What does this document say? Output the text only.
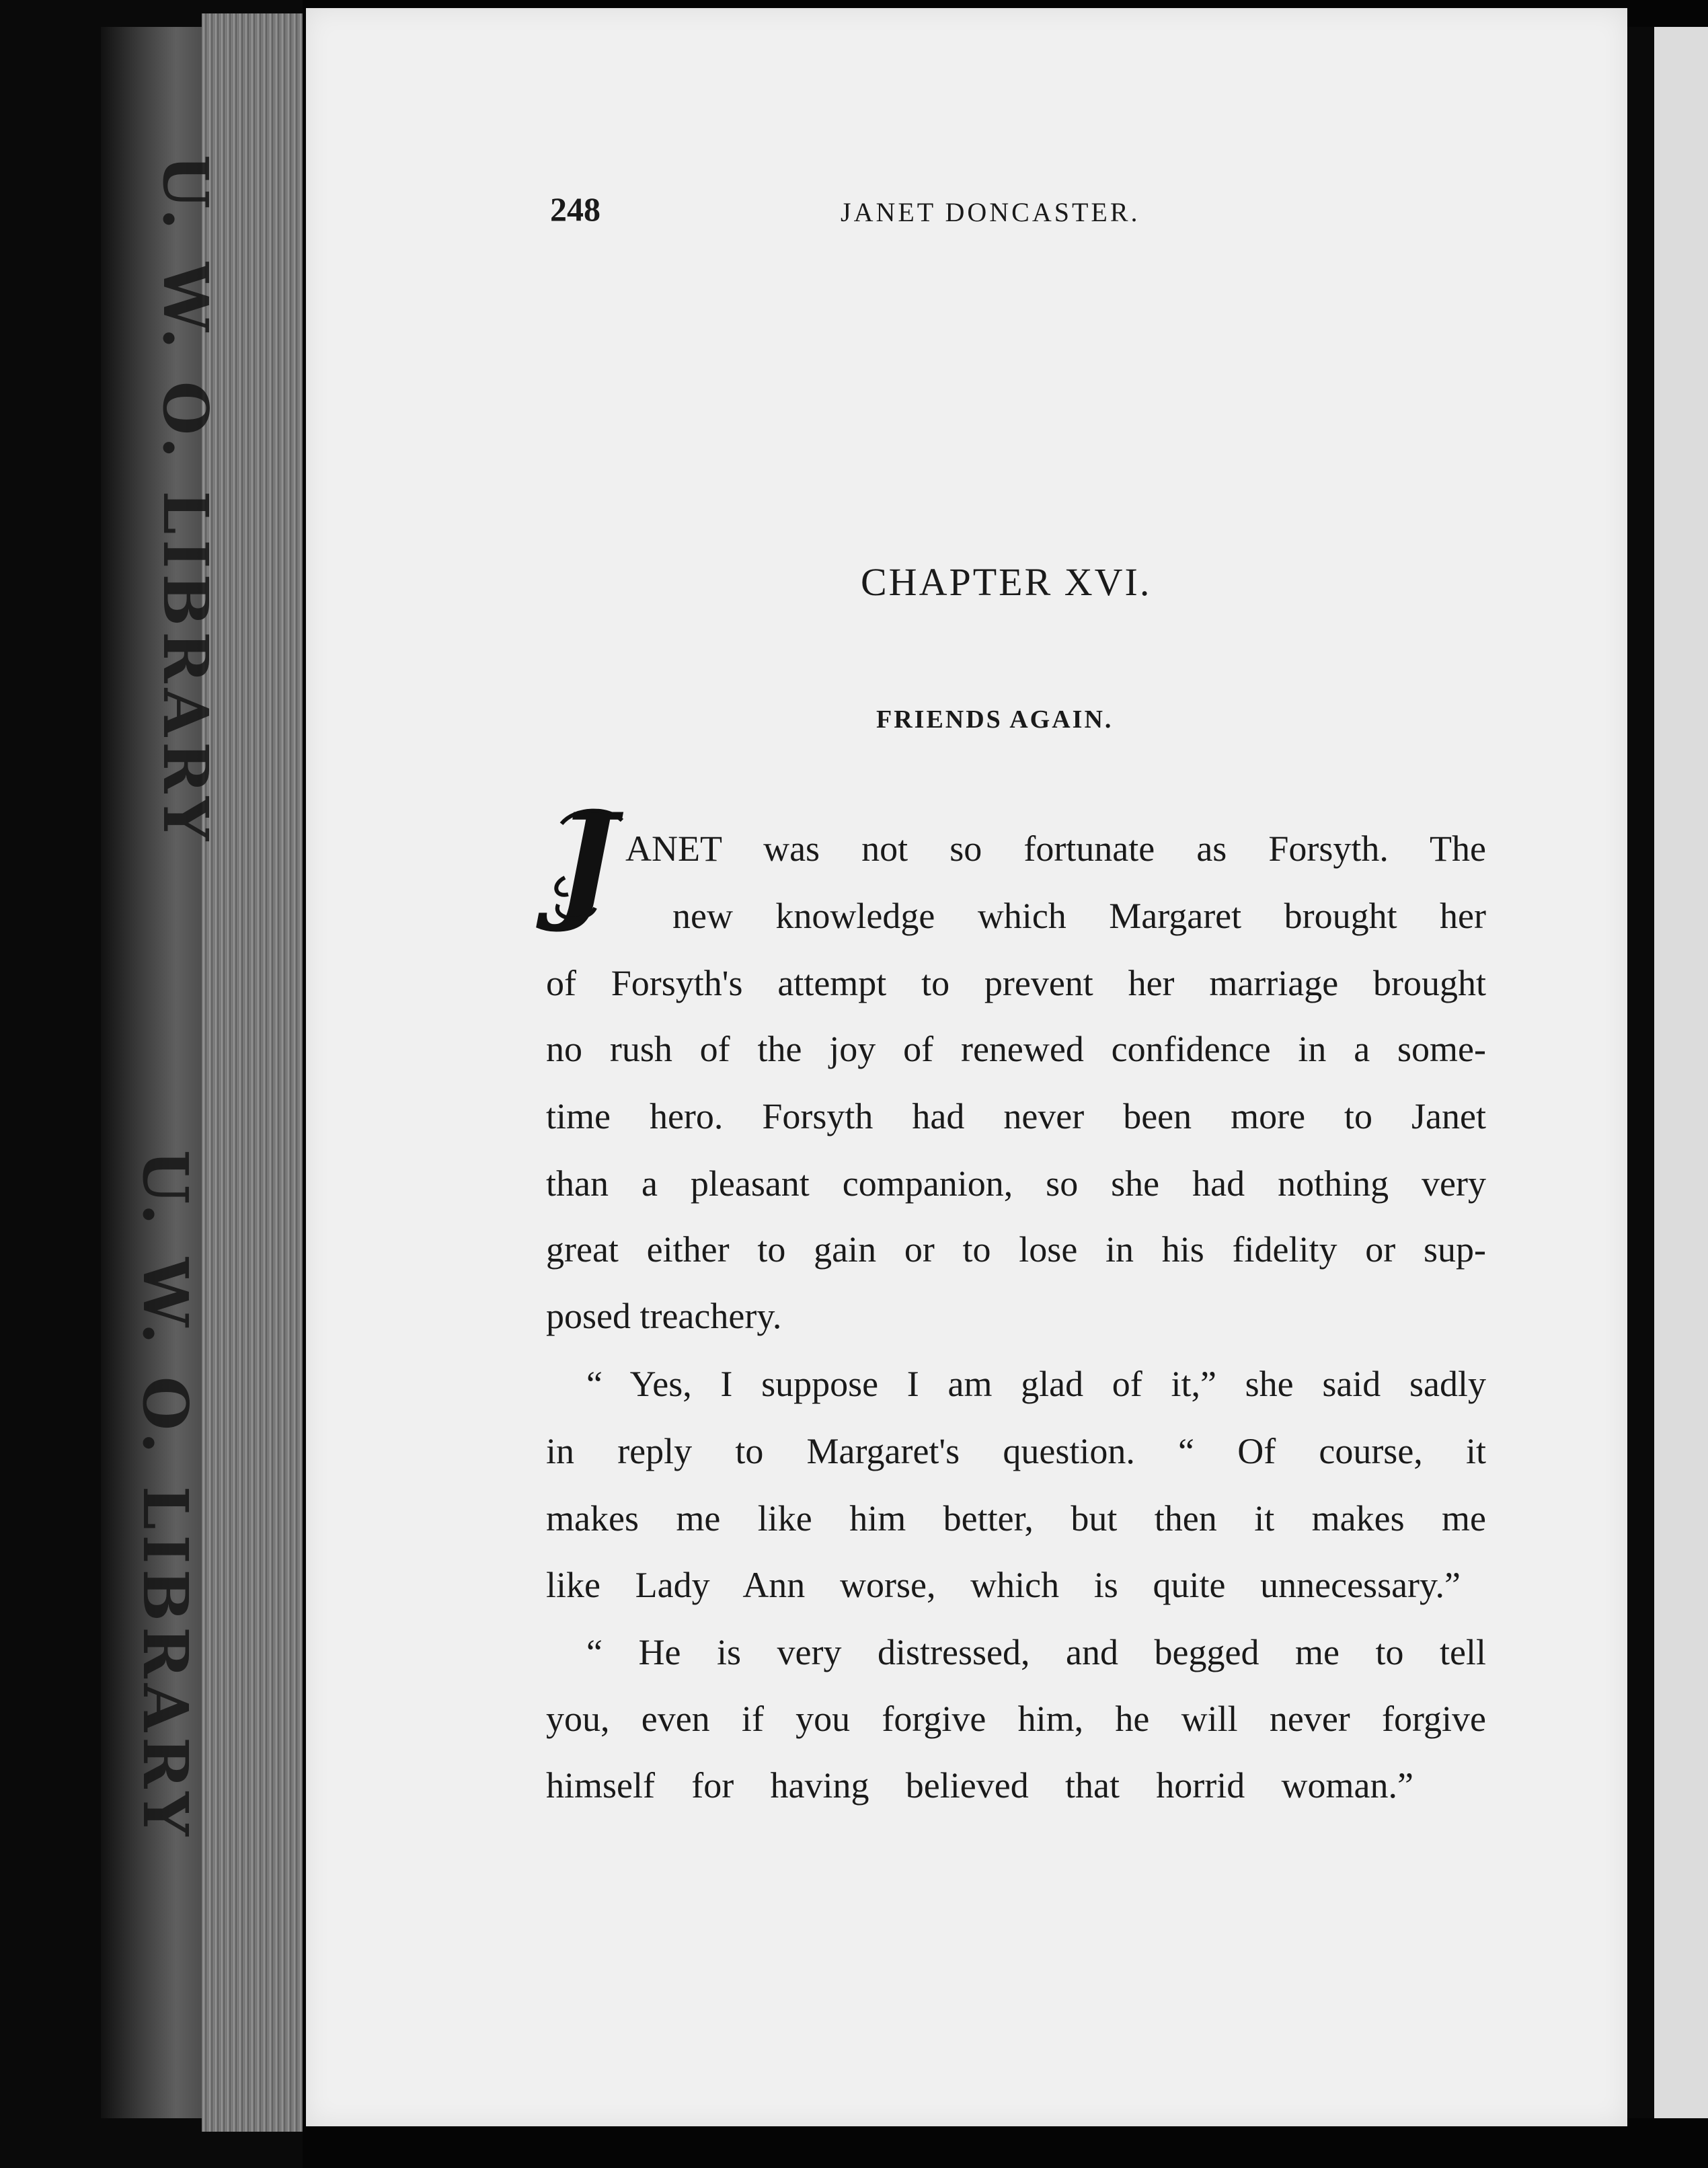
U. W. O. LIBRARY
U. W. O. LIBRARY
248	JANET DONCASTER.
CHAPTER XVI.
FRIENDS AGAIN.
J ANET was not so fortunate as Forsyth. The
new knowledge which Margaret brought her
of Forsyth's attempt to prevent her marriage brought
no rush of the joy of renewed confidence in a some-
time hero. Forsyth had never been more to Janet
than a pleasant companion, so she had nothing very
great either to gain or to lose in his fidelity or sup-
posed treachery.
“ Yes, I suppose I am glad of it,” she said sadly
in reply to Margaret's question. “ Of course, it
makes me like him better, but then it makes me
like Lady Ann worse, which is quite unnecessary.”
“ He is very distressed, and begged me to tell
you, even if you forgive him, he will never forgive
himself for having believed that horrid woman.”
